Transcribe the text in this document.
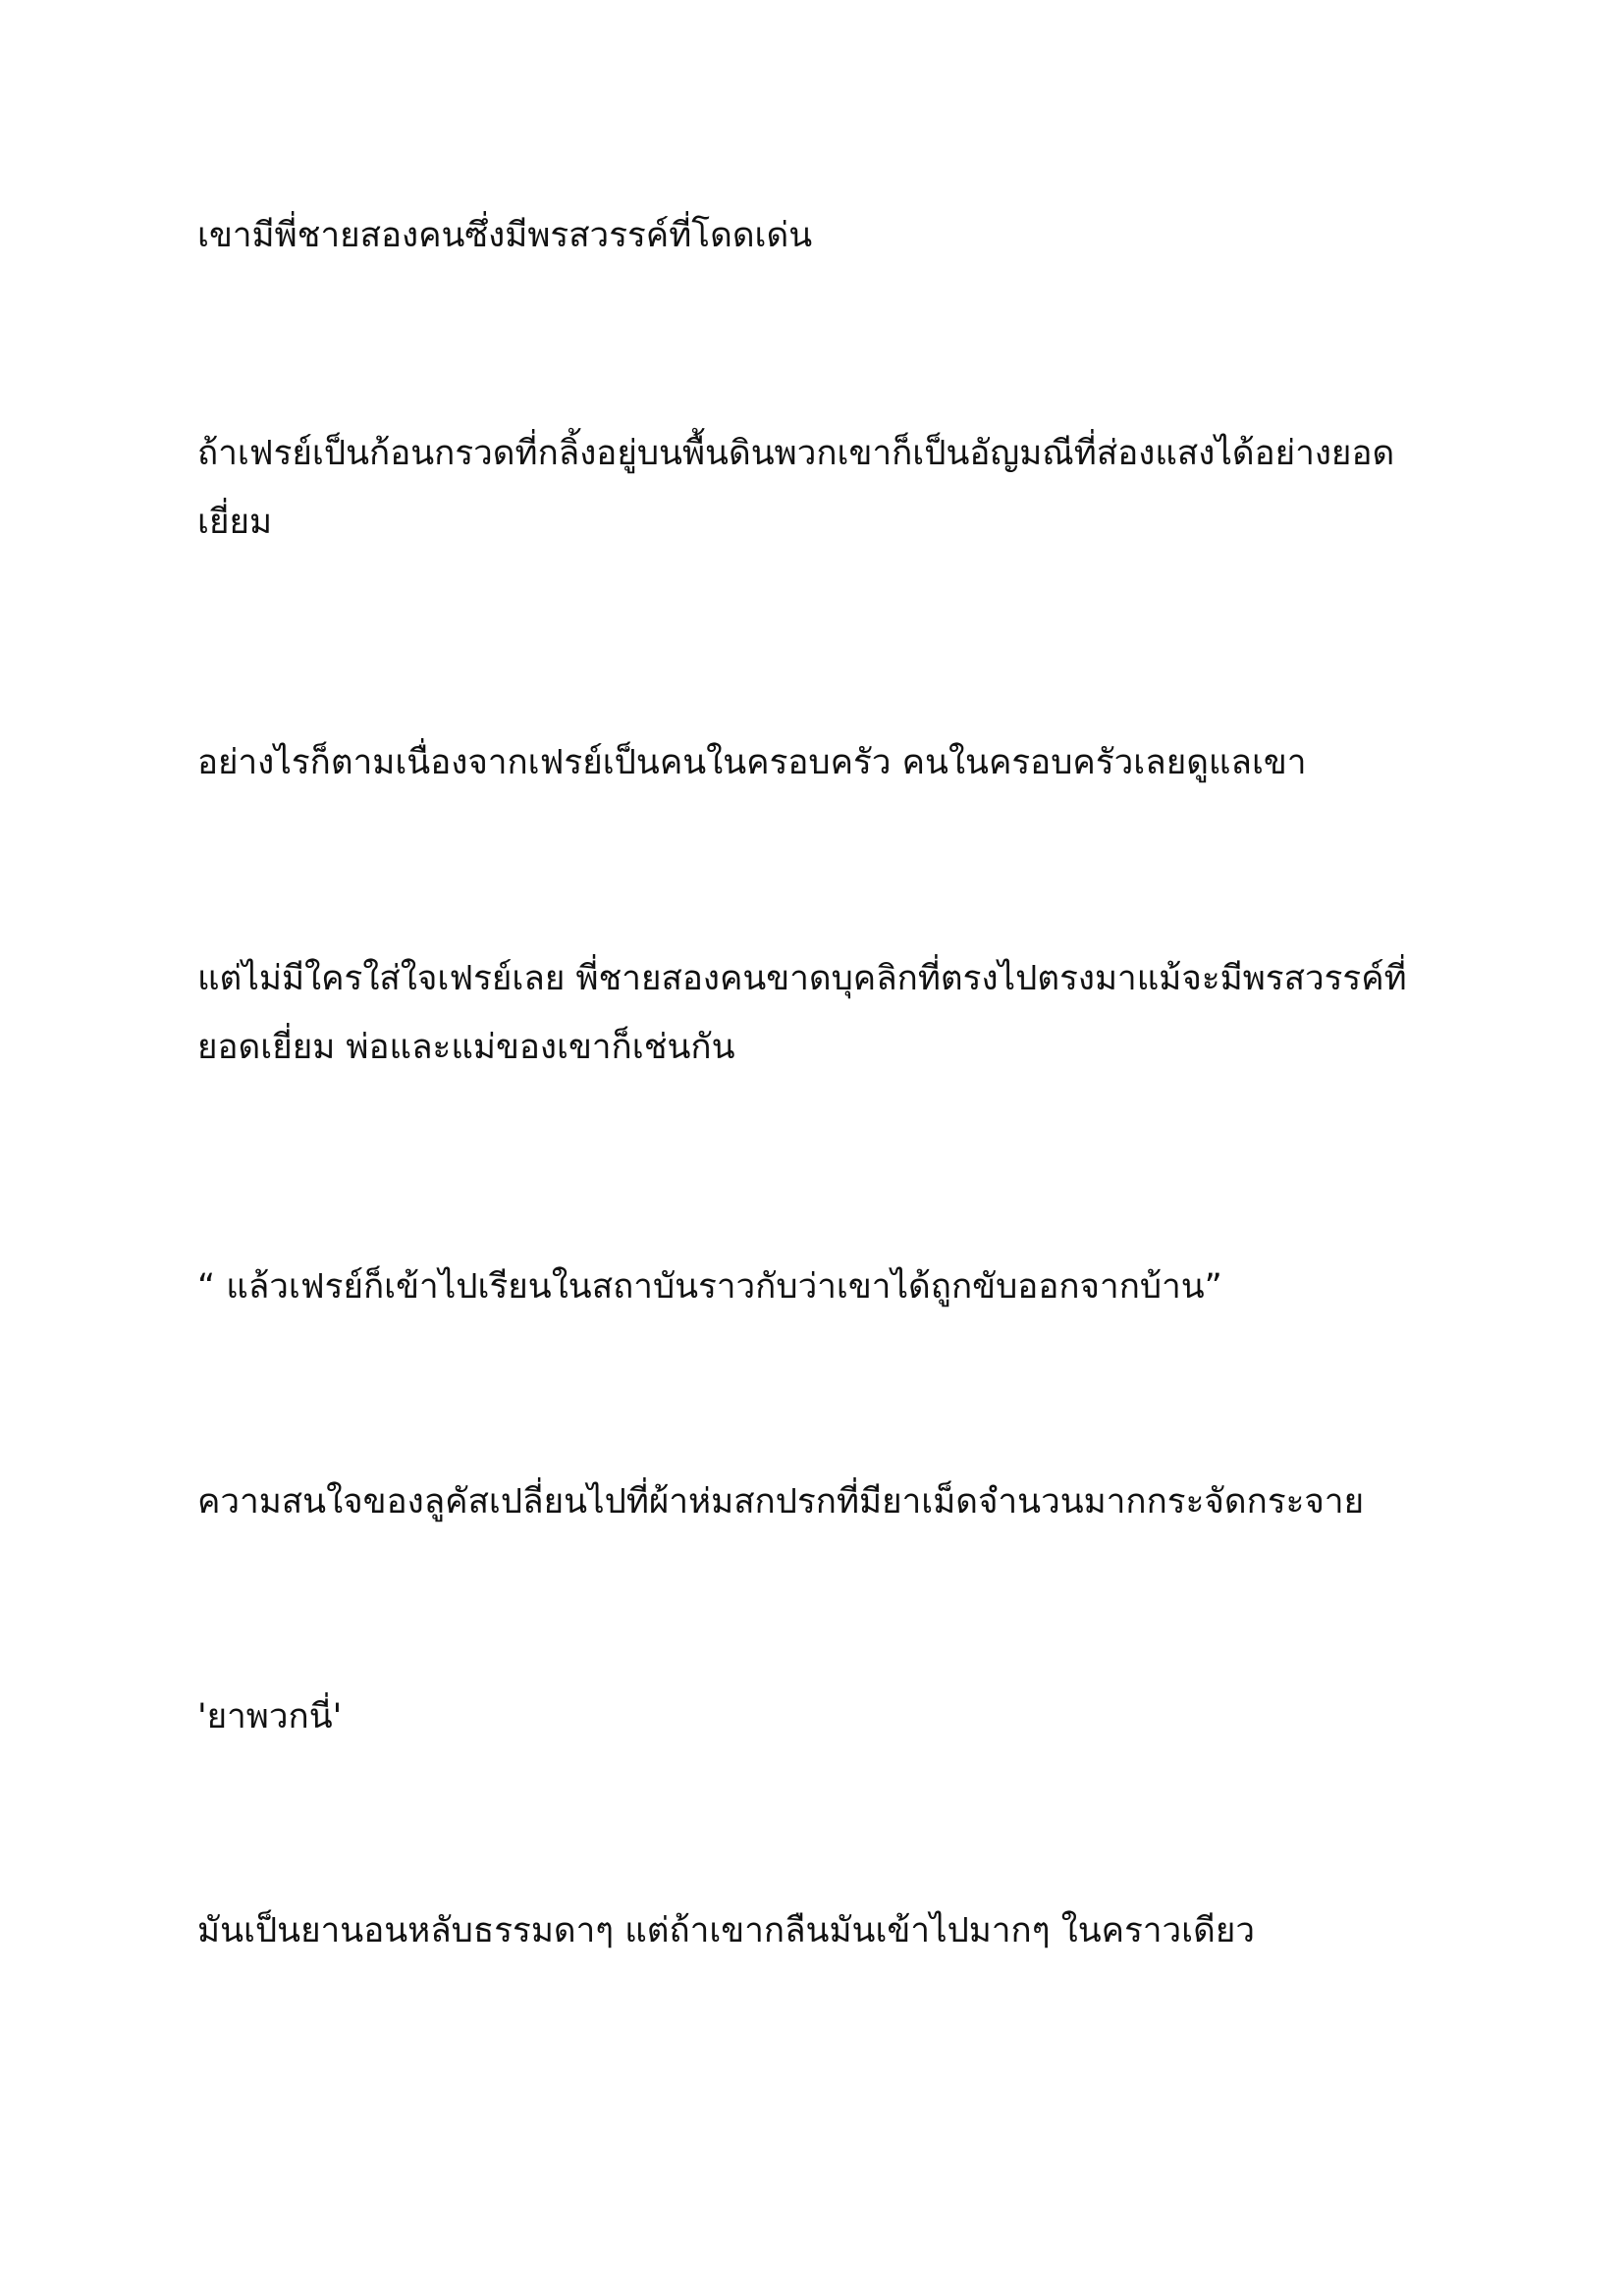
เขามีพี่ชายสองคนซึ่งมีพรสวรรค์ที่โดดเด่น

ถ้าเฟรย์เป็นก้อนกรวดที่กลิ้งอยู่บนพื้นดินพวกเขาก็เป็นอัญมณีที่ส่องแสงได้อย่างยอด
เยี่ยม

อย่างไรก็ตามเนื่องจากเฟรย์เป็นคนในครอบครัว คนในครอบครัวเลยดูแลเขา

แต่ไม่มีใครใส่ใจเฟรย์เลย พี่ชายสองคนขาดบุคลิกที่ตรงไปตรงมาแม้จะมีพรสวรรค์ที่
ยอดเยี่ยม พ่อและแม่ของเขาก็เช่นกัน

“ แล้วเฟรย์ก็เข้าไปเรียนในสถาบันราวกับว่าเขาได้ถูกขับออกจากบ้าน”

ความสนใจของลูคัสเปลี่ยนไปที่ผ้าห่มสกปรกที่มียาเม็ดจำนวนมากกระจัดกระจาย

'ยาพวกนี่'

มันเป็นยานอนหลับธรรมดาๆ แต่ถ้าเขากลืนมันเข้าไปมากๆ ในคราวเดียว
